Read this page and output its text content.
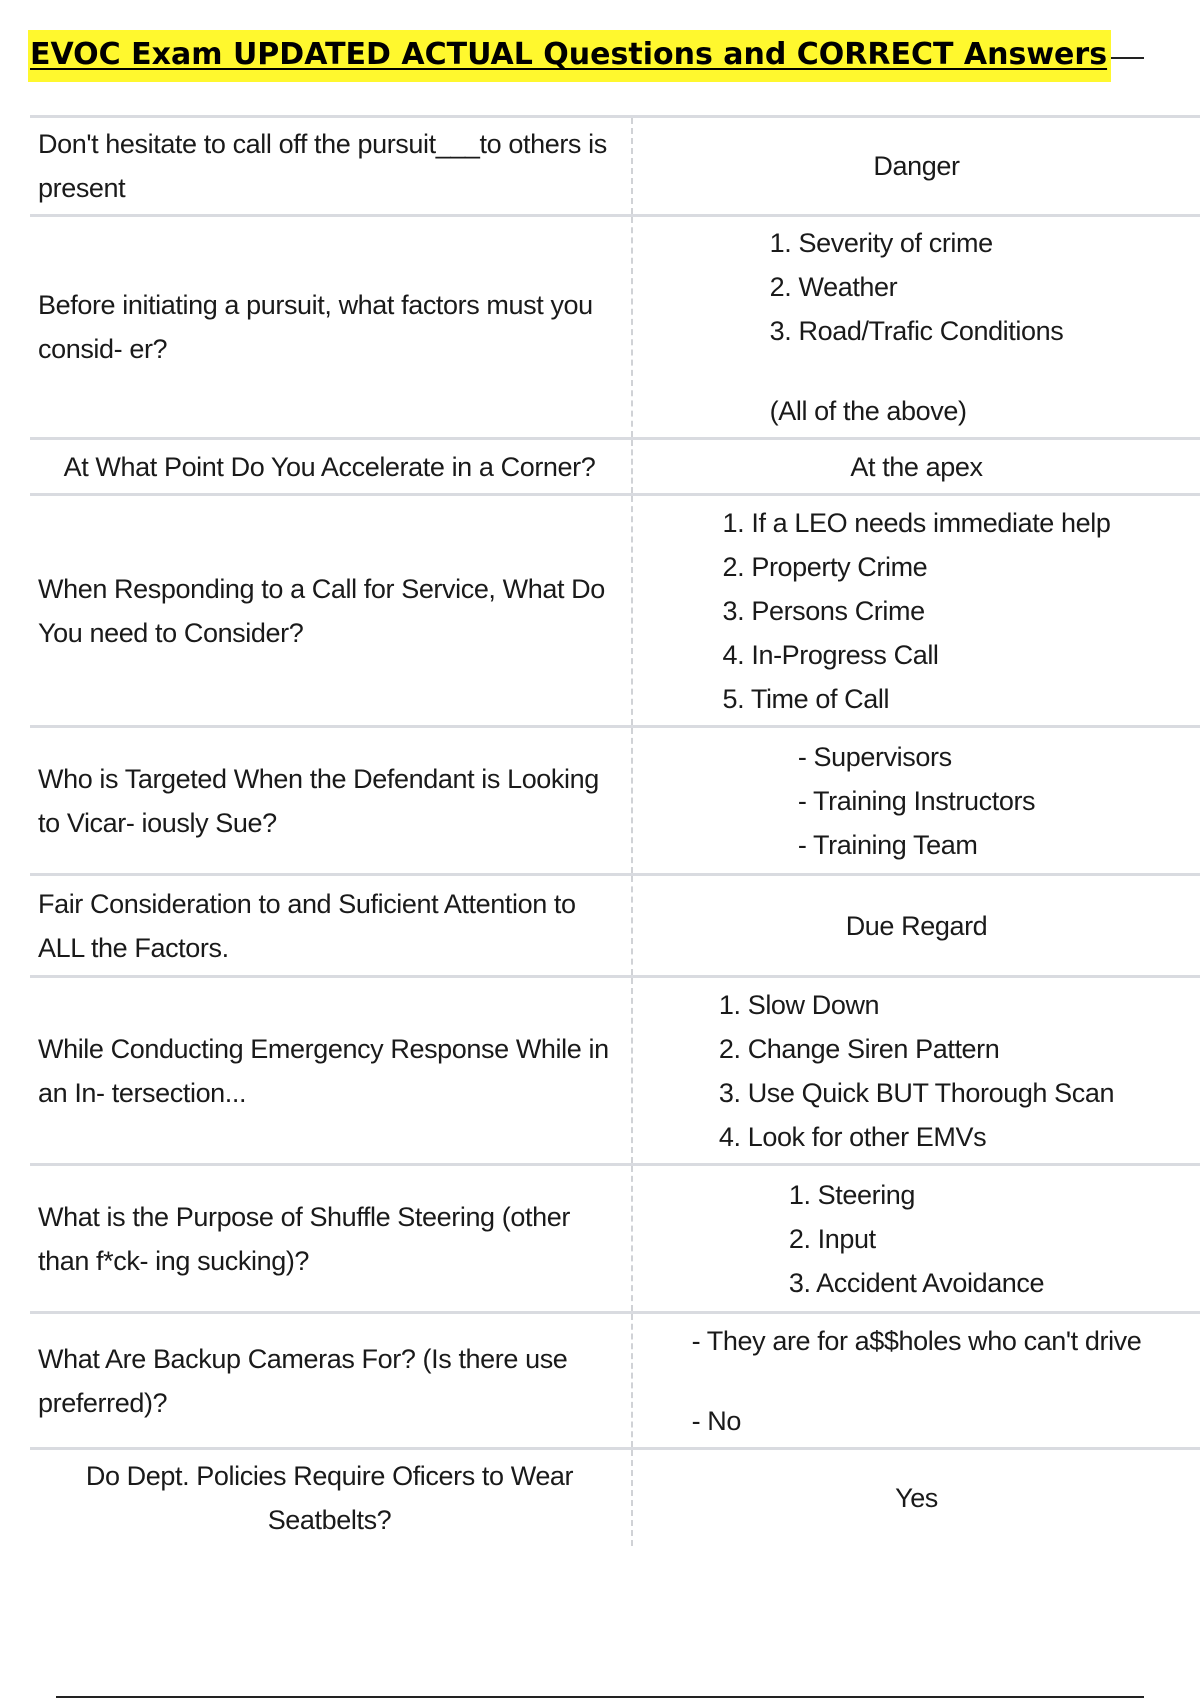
EVOC Exam UPDATED ACTUAL Questions and CORRECT Answers
Don't hesitate to call off the pursuit___to others is present	Danger

Before initiating a pursuit, what factors must you consid- er?	1. Severity of crime
2. Weather
3. Road/Trafic Conditions
(All of the above)

At What Point Do You Accelerate in a Corner?	At the apex

When Responding to a Call for Service, What Do You need to Consider?	1. If a LEO needs immediate help
2. Property Crime
3. Persons Crime
4. In-Progress Call
5. Time of Call

Who is Targeted When the Defendant is Looking to Vicar- iously Sue?	- Supervisors
- Training Instructors
- Training Team

Fair Consideration to and Suficient Attention to ALL the Factors.	Due Regard

While Conducting Emergency Response While in an In- tersection...	1. Slow Down
2. Change Siren Pattern
3. Use Quick BUT Thorough Scan
4. Look for other EMVs

What is the Purpose of Shuffle Steering (other than f*ck- ing sucking)?	1. Steering
2. Input
3. Accident Avoidance

What Are Backup Cameras For? (Is there use preferred)?	- They are for a$$holes who can't drive
- No

Do Dept. Policies Require Oficers to Wear Seatbelts?	Yes
